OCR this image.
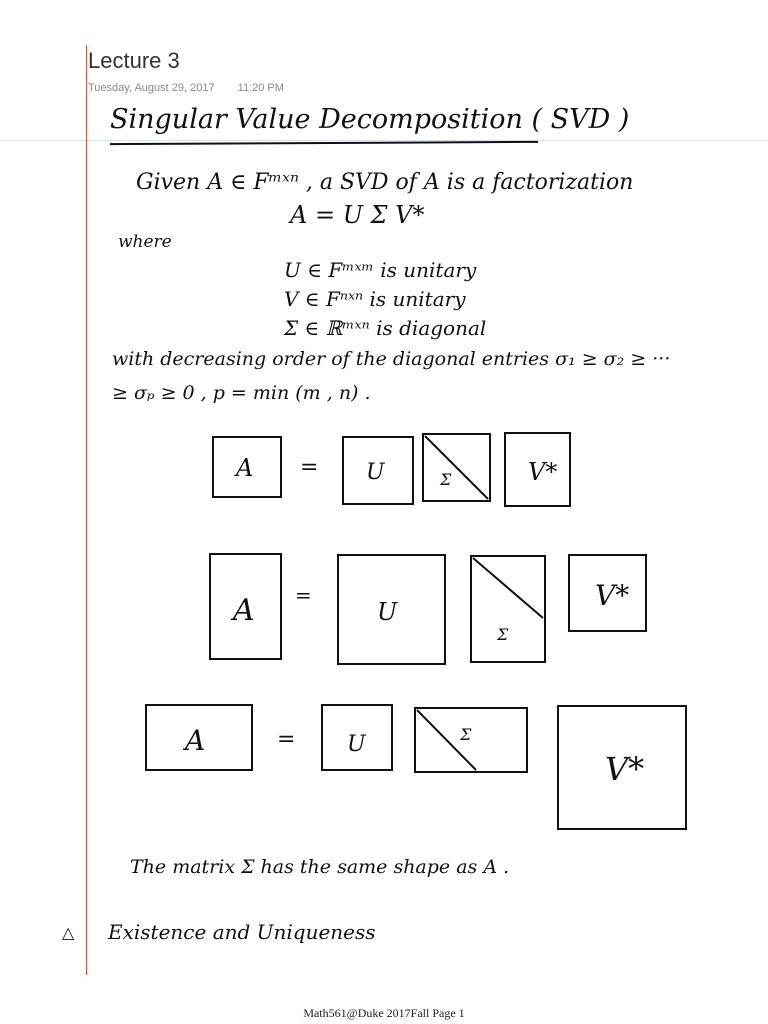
Lecture 3
Tuesday, August 29, 2017 11:20 PM
Singular Value Decomposition ( SVD )
Given A ∈ Fᵐˣⁿ , a SVD of A is a factorization
A = U Σ V*
where
U ∈ Fᵐˣᵐ is unitary
V ∈ Fⁿˣⁿ is unitary
Σ ∈ ℝᵐˣⁿ is diagonal
with decreasing order of the diagonal entries σ₁ ≥ σ₂ ≥ ···
≥ σₚ ≥ 0 , p = min (m , n) .
A = U	Σ	V*
A =
U
Σ
V*
A	= U	Σ
V*
The matrix Σ has the same shape as A .
△ Existence and Uniqueness
Math561@Duke 2017Fall Page 1
